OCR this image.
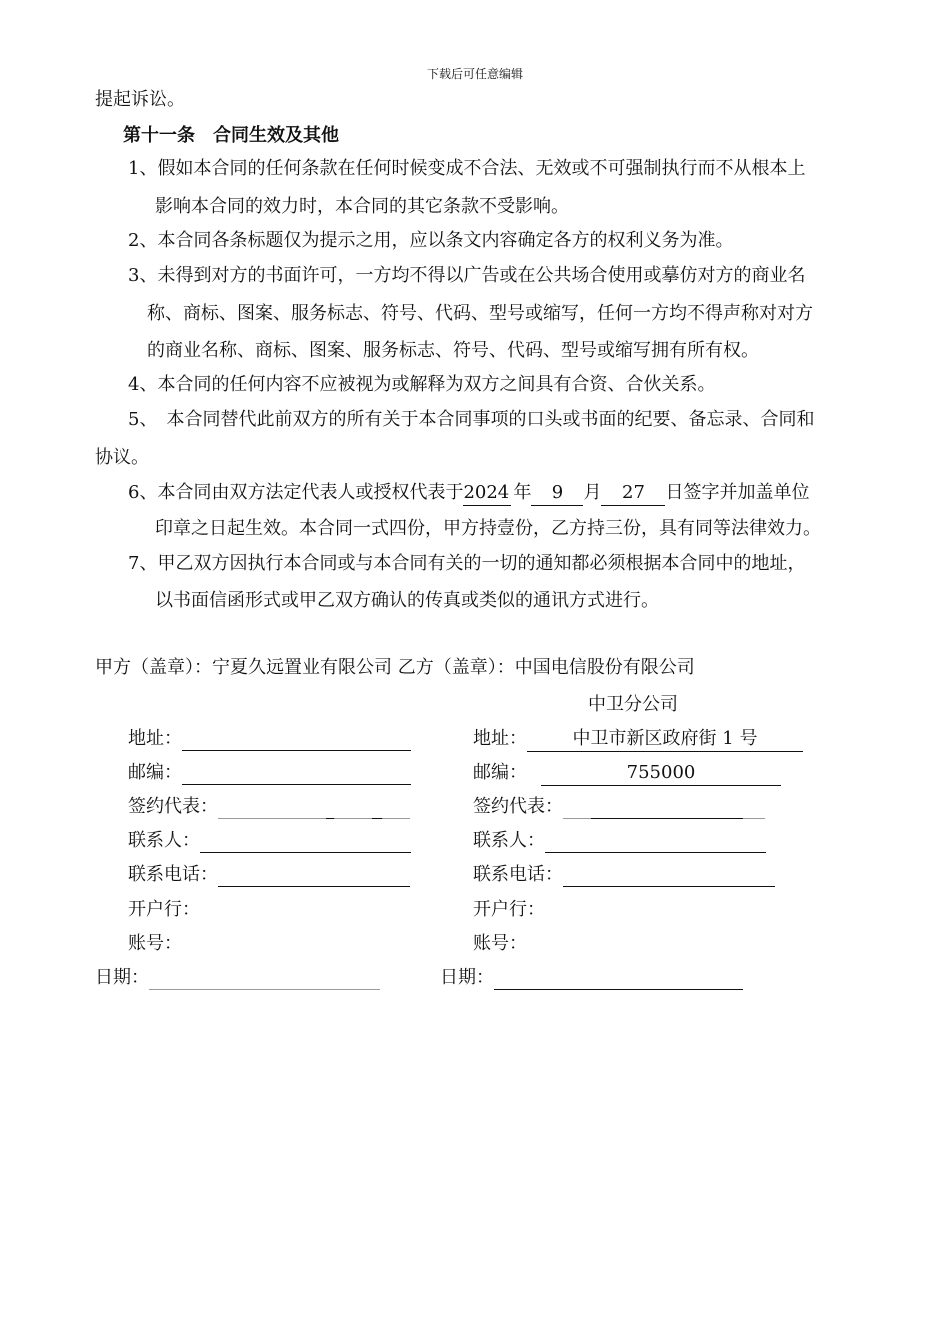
下载后可任意编辑
提起诉讼。
第十一条　合同生效及其他
1、假如本合同的任何条款在任何时候变成不合法、无效或不可强制执行而不从根本上
影响本合同的效力时，本合同的其它条款不受影响。
2、本合同各条标题仅为提示之用，应以条文内容确定各方的权利义务为准。
3、未得到对方的书面许可，一方均不得以广告或在公共场合使用或摹仿对方的商业名
称、商标、图案、服务标志、符号、代码、型号或缩写，任何一方均不得声称对对方
的商业名称、商标、图案、服务标志、符号、代码、型号或缩写拥有所有权。
4、本合同的任何内容不应被视为或解释为双方之间具有合资、合伙关系。
5、　本合同替代此前双方的所有关于本合同事项的口头或书面的纪要、备忘录、合同和
协议。
6、本合同由双方法定代表人或授权代表于2024 年 9 月 27 日签字并加盖单位
印章之日起生效。本合同一式四份，甲方持壹份，乙方持三份，具有同等法律效力。
7、甲乙双方因执行本合同或与本合同有关的一切的通知都必须根据本合同中的地址，
以书面信函形式或甲乙双方确认的传真或类似的通讯方式进行。
甲方（盖章）：宁夏久远置业有限公司 乙方（盖章）：中国电信股份有限公司
中卫分公司
地址：
邮编：
签约代表：
联系人：
联系电话：
开户行：
账号：
日期：
地址：	中卫市新区政府街 1 号
邮编：	755000
签约代表：
联系人：
联系电话：
开户行：
账号：
日期：
